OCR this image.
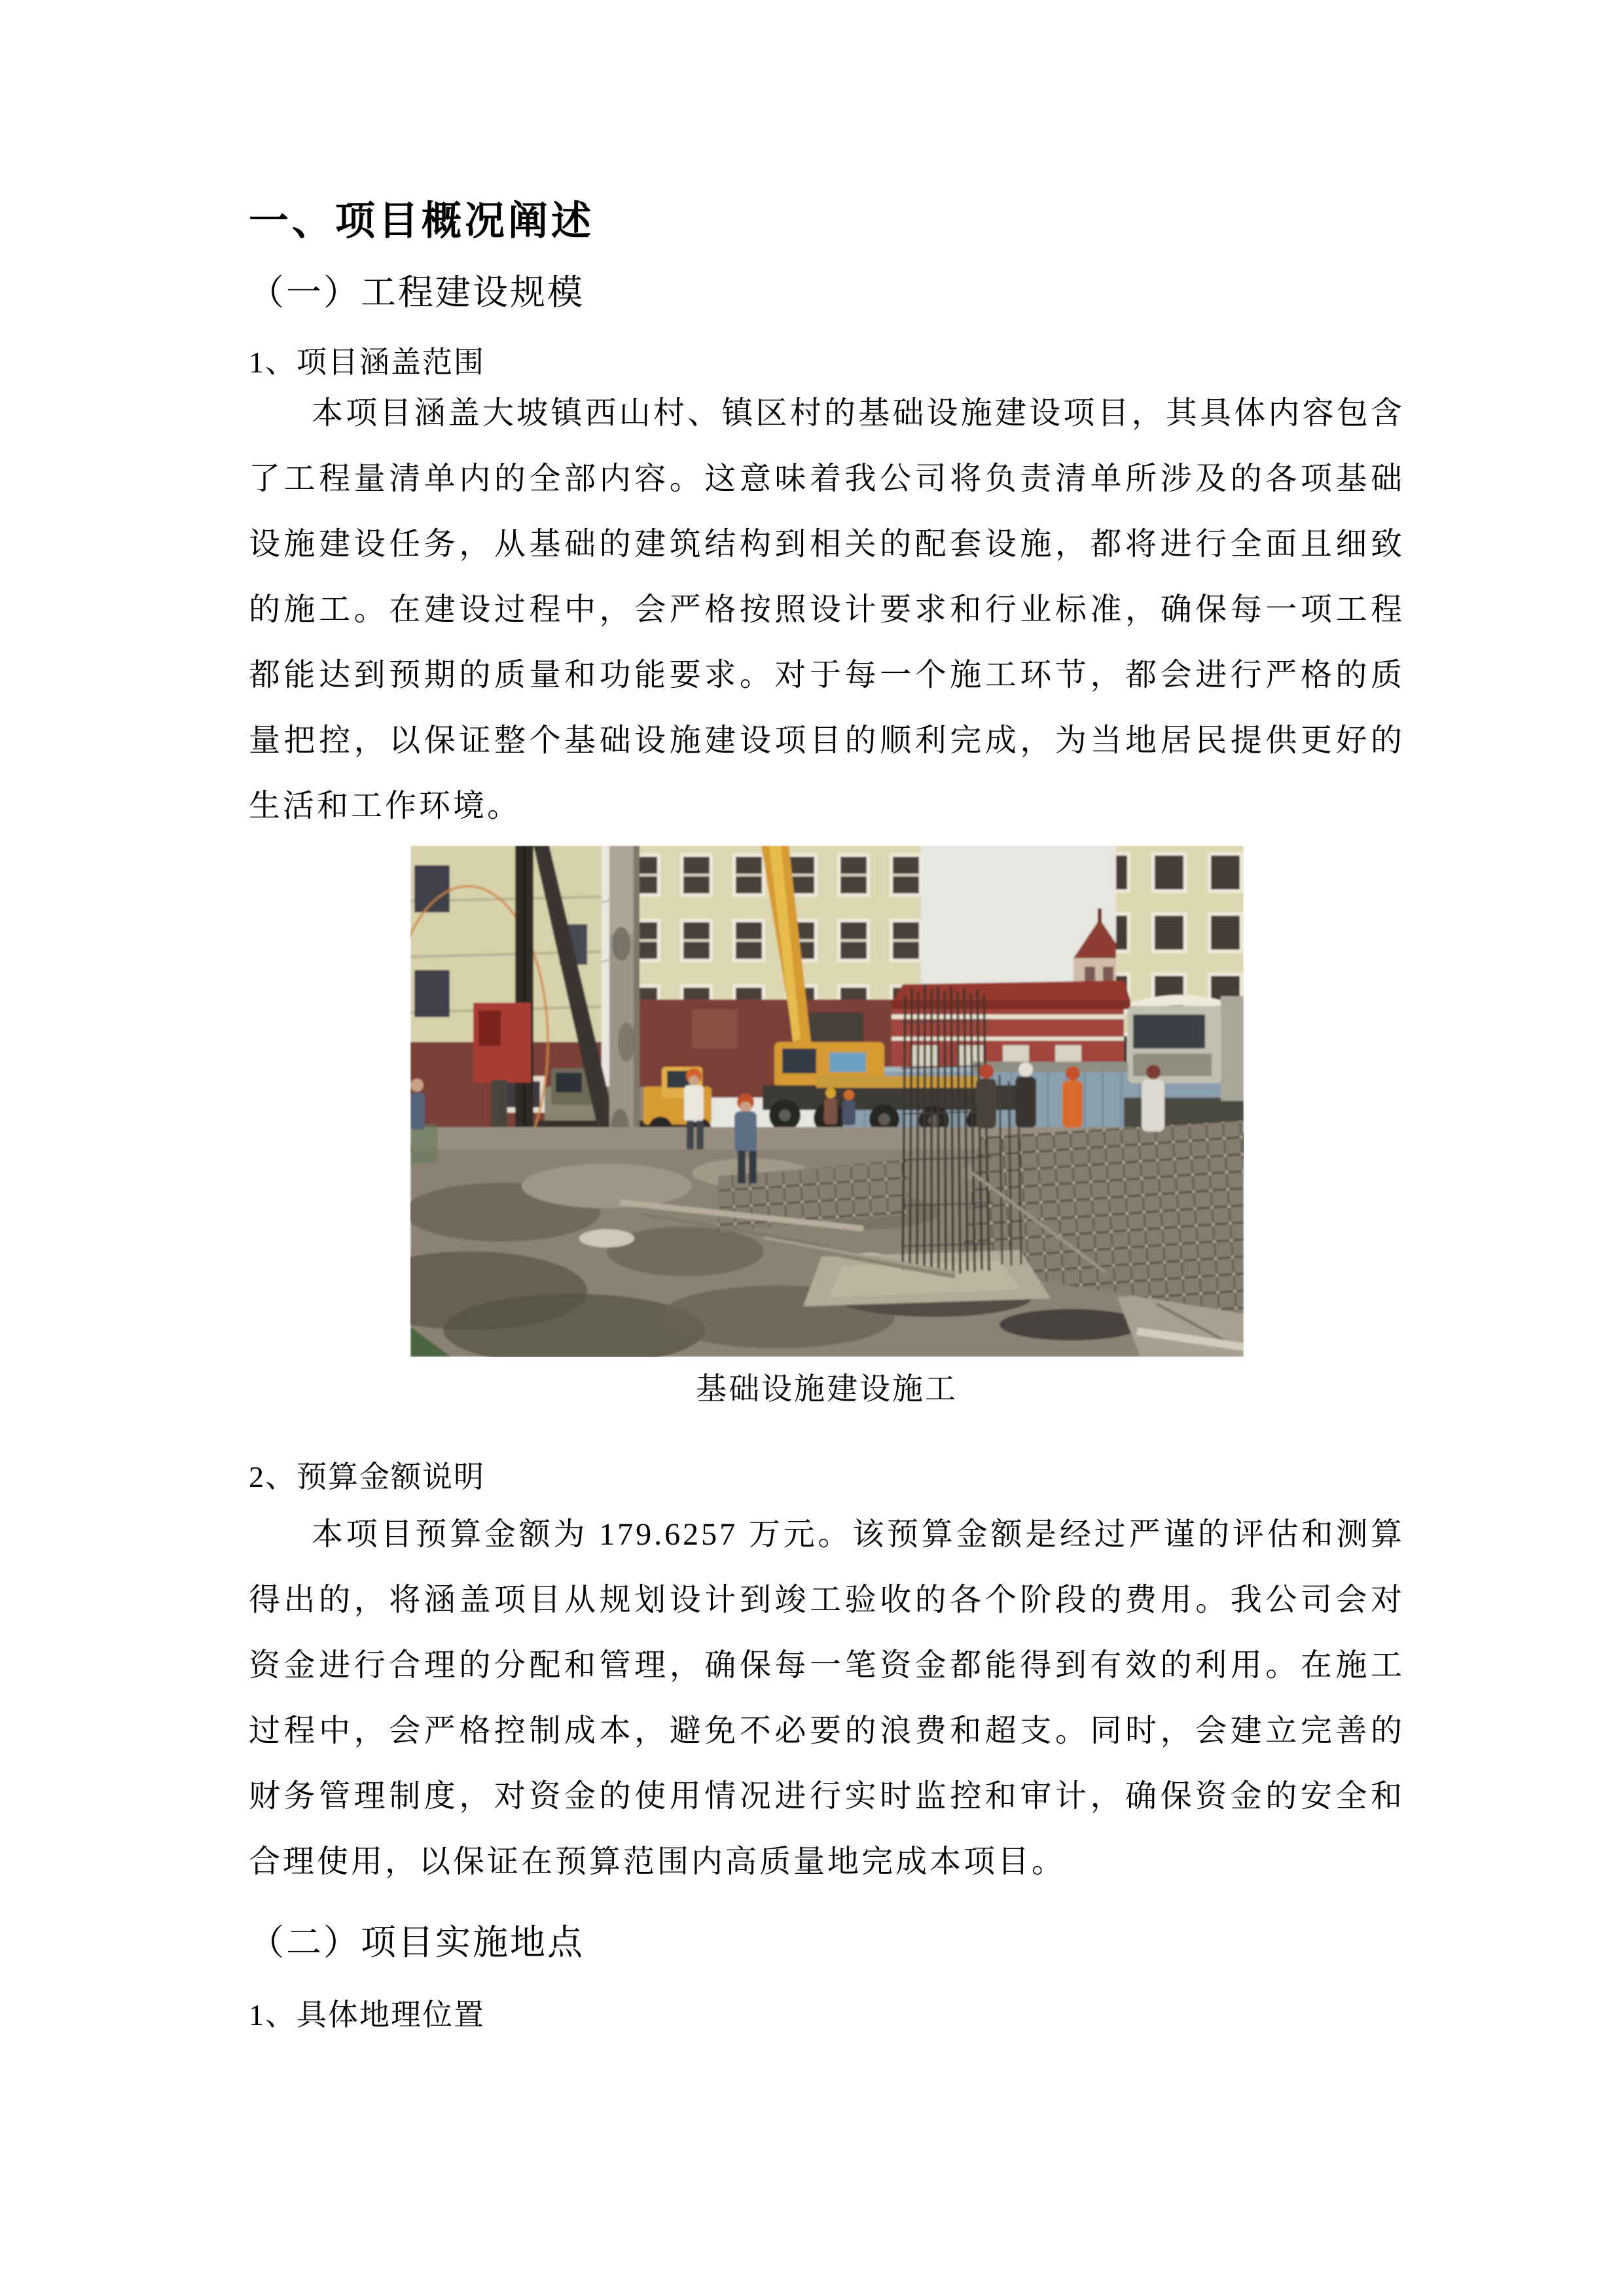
一、项目概况阐述
（一）工程建设规模
1、项目涵盖范围

本项目涵盖大坡镇西山村、镇区村的基础设施建设项目，其具体内容包含了工程量清单内的全部内容。这意味着我公司将负责清单所涉及的各项基础设施建设任务，从基础的建筑结构到相关的配套设施，都将进行全面且细致的施工。在建设过程中，会严格按照设计要求和行业标准，确保每一项工程都能达到预期的质量和功能要求。对于每一个施工环节，都会进行严格的质量把控，以保证整个基础设施建设项目的顺利完成，为当地居民提供更好的生活和工作环境。

基础设施建设施工
2、预算金额说明

本项目预算金额为 179.6257 万元。该预算金额是经过严谨的评估和测算得出的，将涵盖项目从规划设计到竣工验收的各个阶段的费用。我公司会对资金进行合理的分配和管理，确保每一笔资金都能得到有效的利用。在施工过程中，会严格控制成本，避免不必要的浪费和超支。同时，会建立完善的财务管理制度，对资金的使用情况进行实时监控和审计，确保资金的安全和合理使用，以保证在预算范围内高质量地完成本项目。

（二）项目实施地点
1、具体地理位置
